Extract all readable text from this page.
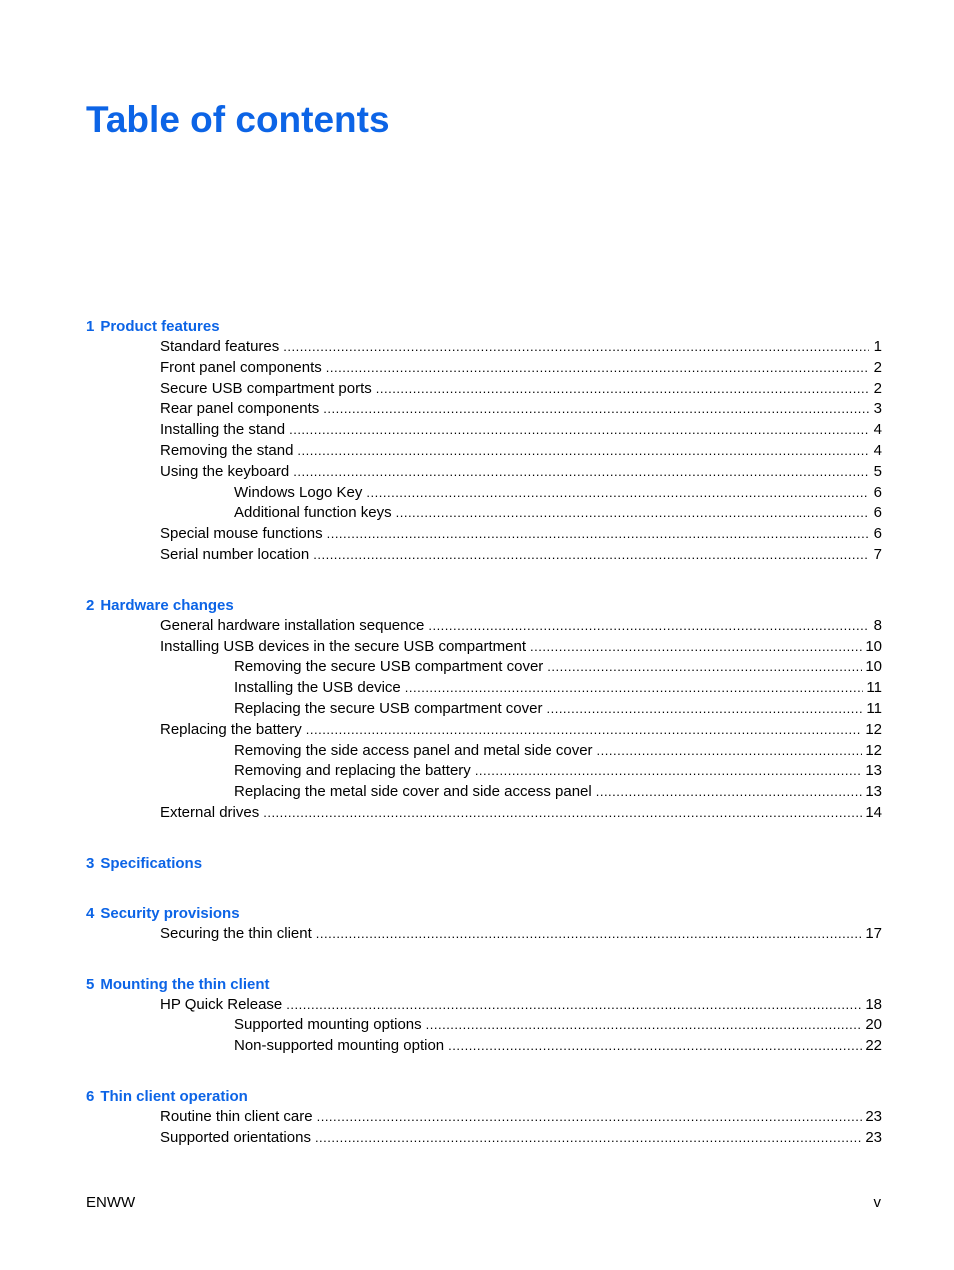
Table of contents
1 Product features
Standard features .....	1
Front panel components .....	2
Secure USB compartment ports .....	2
Rear panel components .....	3
Installing the stand .....	4
Removing the stand .....	4
Using the keyboard .....	5
Windows Logo Key .....	6
Additional function keys .....	6
Special mouse functions .....	6
Serial number location .....	7
2 Hardware changes
General hardware installation sequence .....	8
Installing USB devices in the secure USB compartment .....	10
Removing the secure USB compartment cover .....	10
Installing the USB device .....	11
Replacing the secure USB compartment cover .....	11
Replacing the battery .....	12
Removing the side access panel and metal side cover .....	12
Removing and replacing the battery .....	13
Replacing the metal side cover and side access panel .....	13
External drives .....	14
3 Specifications
4 Security provisions
Securing the thin client .....	17
5 Mounting the thin client
HP Quick Release .....	18
Supported mounting options .....	20
Non-supported mounting option .....	22
6 Thin client operation
Routine thin client care .....	23
Supported orientations .....	23
ENWW	v
